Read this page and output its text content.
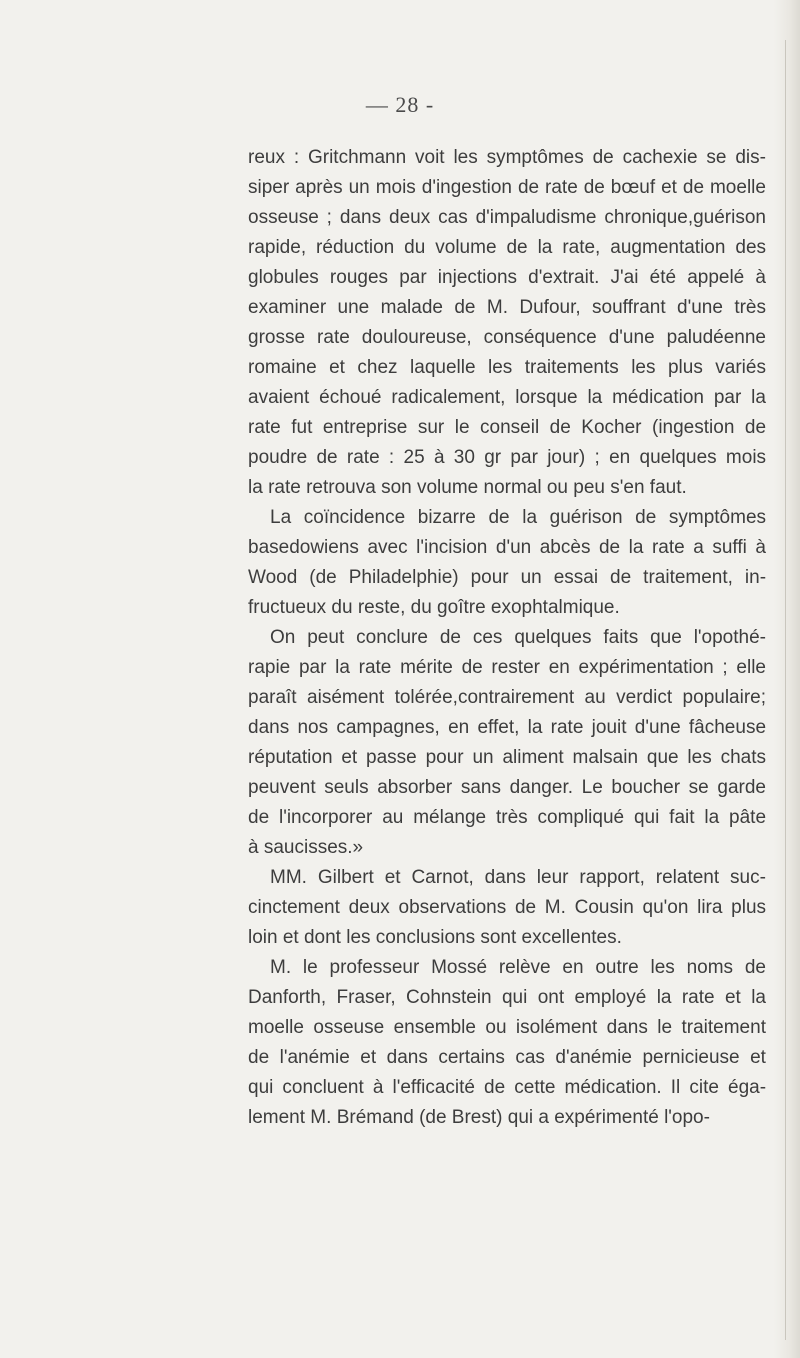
— 28 -
reux : Gritchmann voit les symptômes de cachexie se dis-
siper après un mois d'ingestion de rate de bœuf et de moelle
osseuse ; dans deux cas d'impaludisme chronique,guérison
rapide, réduction du volume de la rate, augmentation des
globules rouges par injections d'extrait. J'ai été appelé à
examiner une malade de M. Dufour, souffrant d'une très
grosse rate douloureuse, conséquence d'une paludéenne
romaine et chez laquelle les traitements les plus variés
avaient échoué radicalement, lorsque la médication par la
rate fut entreprise sur le conseil de Kocher (ingestion de
poudre de rate : 25 à 30 gr par jour) ; en quelques mois
la rate retrouva son volume normal ou peu s'en faut.
La coïncidence bizarre de la guérison de symptômes
basedowiens avec l'incision d'un abcès de la rate a suffi à
Wood (de Philadelphie) pour un essai de traitement, in-
fructueux du reste, du goître exophtalmique.
On peut conclure de ces quelques faits que l'opothé-
rapie par la rate mérite de rester en expérimentation ; elle
paraît aisément tolérée,contrairement au verdict populaire;
dans nos campagnes, en effet, la rate jouit d'une fâcheuse
réputation et passe pour un aliment malsain que les chats
peuvent seuls absorber sans danger. Le boucher se garde
de l'incorporer au mélange très compliqué qui fait la pâte
à saucisses.»
MM. Gilbert et Carnot, dans leur rapport, relatent suc-
cinctement deux observations de M. Cousin qu'on lira plus
loin et dont les conclusions sont excellentes.
M. le professeur Mossé relève en outre les noms de
Danforth, Fraser, Cohnstein qui ont employé la rate et la
moelle osseuse ensemble ou isolément dans le traitement
de l'anémie et dans certains cas d'anémie pernicieuse et
qui concluent à l'efficacité de cette médication. Il cite éga-
lement M. Brémand (de Brest) qui a expérimenté l'opo-
